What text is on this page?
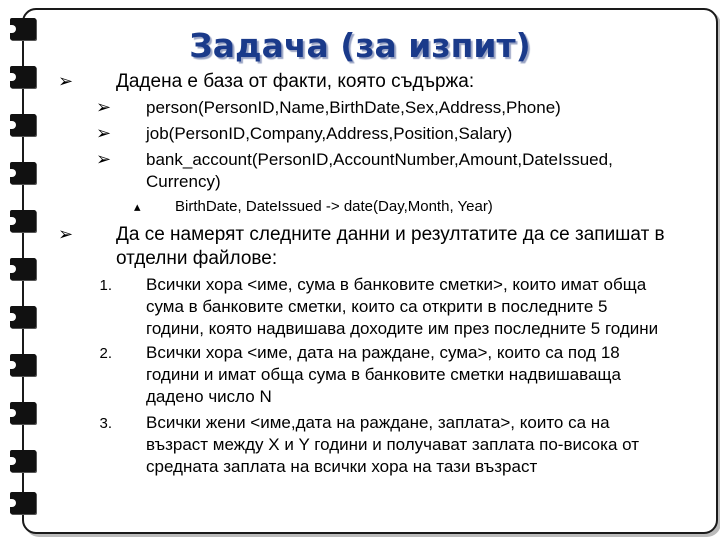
Задача (за изпит)
➢ Дадена е база от факти, която съдържа:
➢ person(PersonID,Name,BirthDate,Sex,Address,Phone)
➢ job(PersonID,Company,Address,Position,Salary)
➢ bank_account(PersonID,AccountNumber,Amount,DateIssued, Currency)
▴ BirthDate, DateIssued -> date(Day,Month, Year)
➢ Да се намерят следните данни и резултатите да се запишат в
отделни файлове:
1. Всички хора <име, сума в банковите сметки>, които имат обща
сума в банковите сметки, които са открити в последните 5
години, която надвишава доходите им през последните 5 години
2. Всички хора <име, дата на раждане, сума>, които са под 18
години и имат обща сума в банковите сметки надвишаваща
дадено число N
3. Всички жени <име,дата на раждане, заплата>, които са на
възраст между X и Y години и получават заплата по-висока от
средната заплата на всички хора на тази възраст
